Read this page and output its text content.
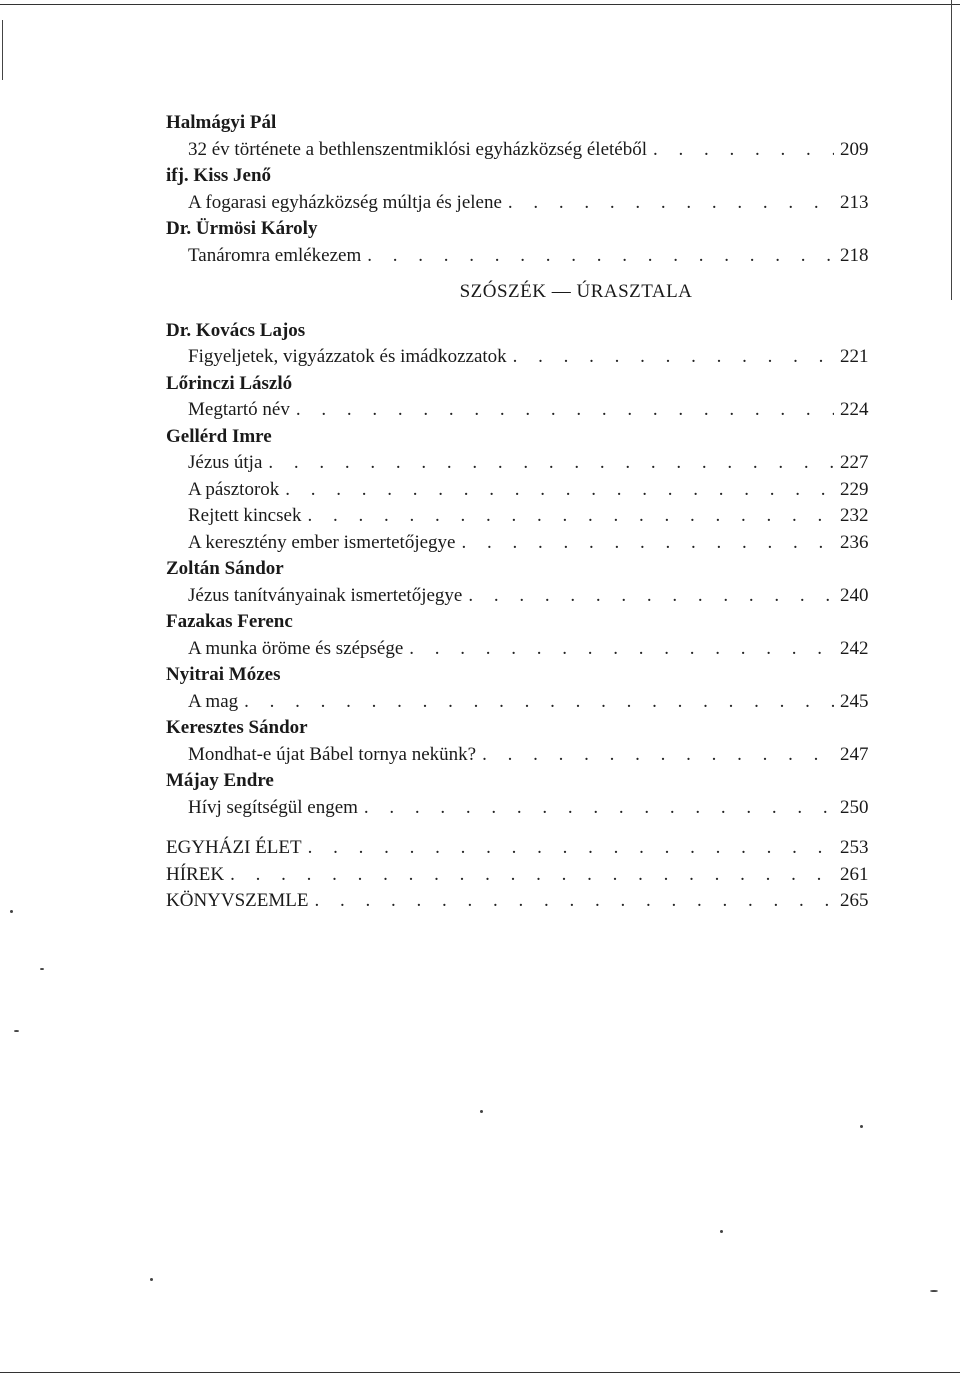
Halmágyi Pál
32 év története a bethlenszentmiklósi egyházközség életéből . . .	209
ifj. Kiss Jenő
A fogarasi egyházközség múltja és jelene . . .	213
Dr. Ürmösi Károly
Tanáromra emlékezem . . .	218
SZÓSZÉK — ÚRASZTALA
Dr. Kovács Lajos
Figyeljetek, vigyázzatok és imádkozzatok . . .	221
Lőrinczi László
Megtartó név . . .	224
Gellérd Imre
Jézus útja . . .	227
A pásztorok . . .	229
Rejtett kincsek . . .	232
A keresztény ember ismertetőjegye . . .	236
Zoltán Sándor
Jézus tanítványainak ismertetőjegye . . .	240
Fazakas Ferenc
A munka öröme és szépsége . . .	242
Nyitrai Mózes
A mag . . .	245
Keresztes Sándor
Mondhat-e újat Bábel tornya nekünk? . . .	247
Májay Endre
Hívj segítségül engem . . .	250
EGYHÁZI ÉLET . . .	253
HÍREK . . .	261
KÖNYVSZEMLE . . .	265
